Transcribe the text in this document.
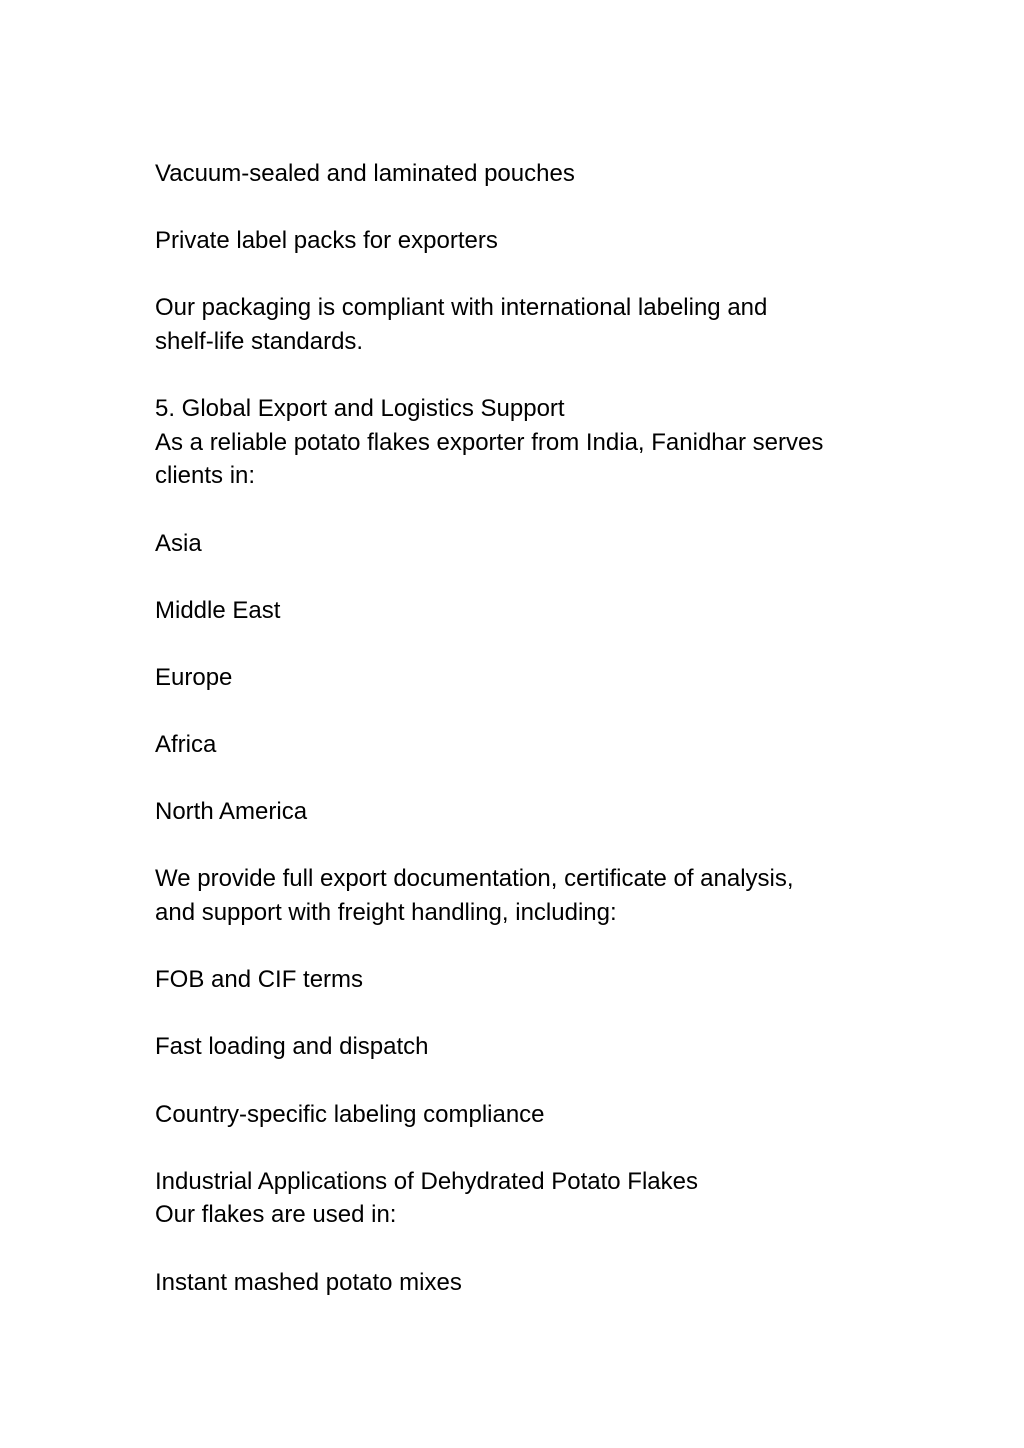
Vacuum-sealed and laminated pouches

Private label packs for exporters

Our packaging is compliant with international labeling and
shelf-life standards.

5. Global Export and Logistics Support
As a reliable potato flakes exporter from India, Fanidhar serves
clients in:

Asia

Middle East

Europe

Africa

North America

We provide full export documentation, certificate of analysis,
and support with freight handling, including:

FOB and CIF terms

Fast loading and dispatch

Country-specific labeling compliance

Industrial Applications of Dehydrated Potato Flakes
Our flakes are used in:

Instant mashed potato mixes
